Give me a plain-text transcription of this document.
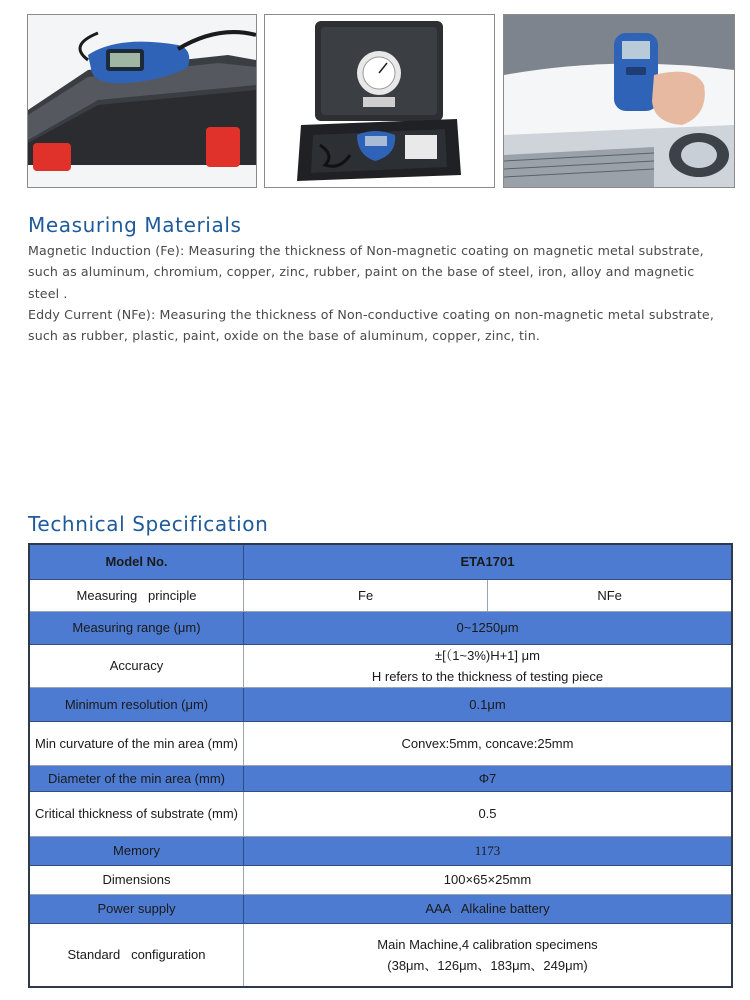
Measuring Materials

Magnetic Induction (Fe): Measuring the thickness of Non-magnetic coating on magnetic metal substrate, such as aluminum, chromium, copper, zinc, rubber, paint on the base of steel, iron, alloy and magnetic steel .

Eddy Current (NFe): Measuring the thickness of Non-conductive coating on non-magnetic metal substrate, such as rubber, plastic, paint, oxide on the base of aluminum, copper, zinc, tin.

Technical Specification
Model No.	ETA1701	
Measuring   principle	Fe	NFe
Measuring range (μm)	0~1250μm	
Accuracy	±[（1~3%)H+1] μm
H refers to the thickness of testing piece	

Minimum resolution (μm)	0.1μm	
Min curvature of the min area (mm)	Convex:5mm, concave:25mm	
Diameter of the min area (mm)	Φ7	
Critical thickness of substrate (mm)	0.5	
Memory	1173	
Dimensions	100×65×25mm	
Power supply	AAA   Alkaline battery	
Standard   configuration	Main Machine,4 calibration specimens
(38μm、126μm、183μm、249μm)	
